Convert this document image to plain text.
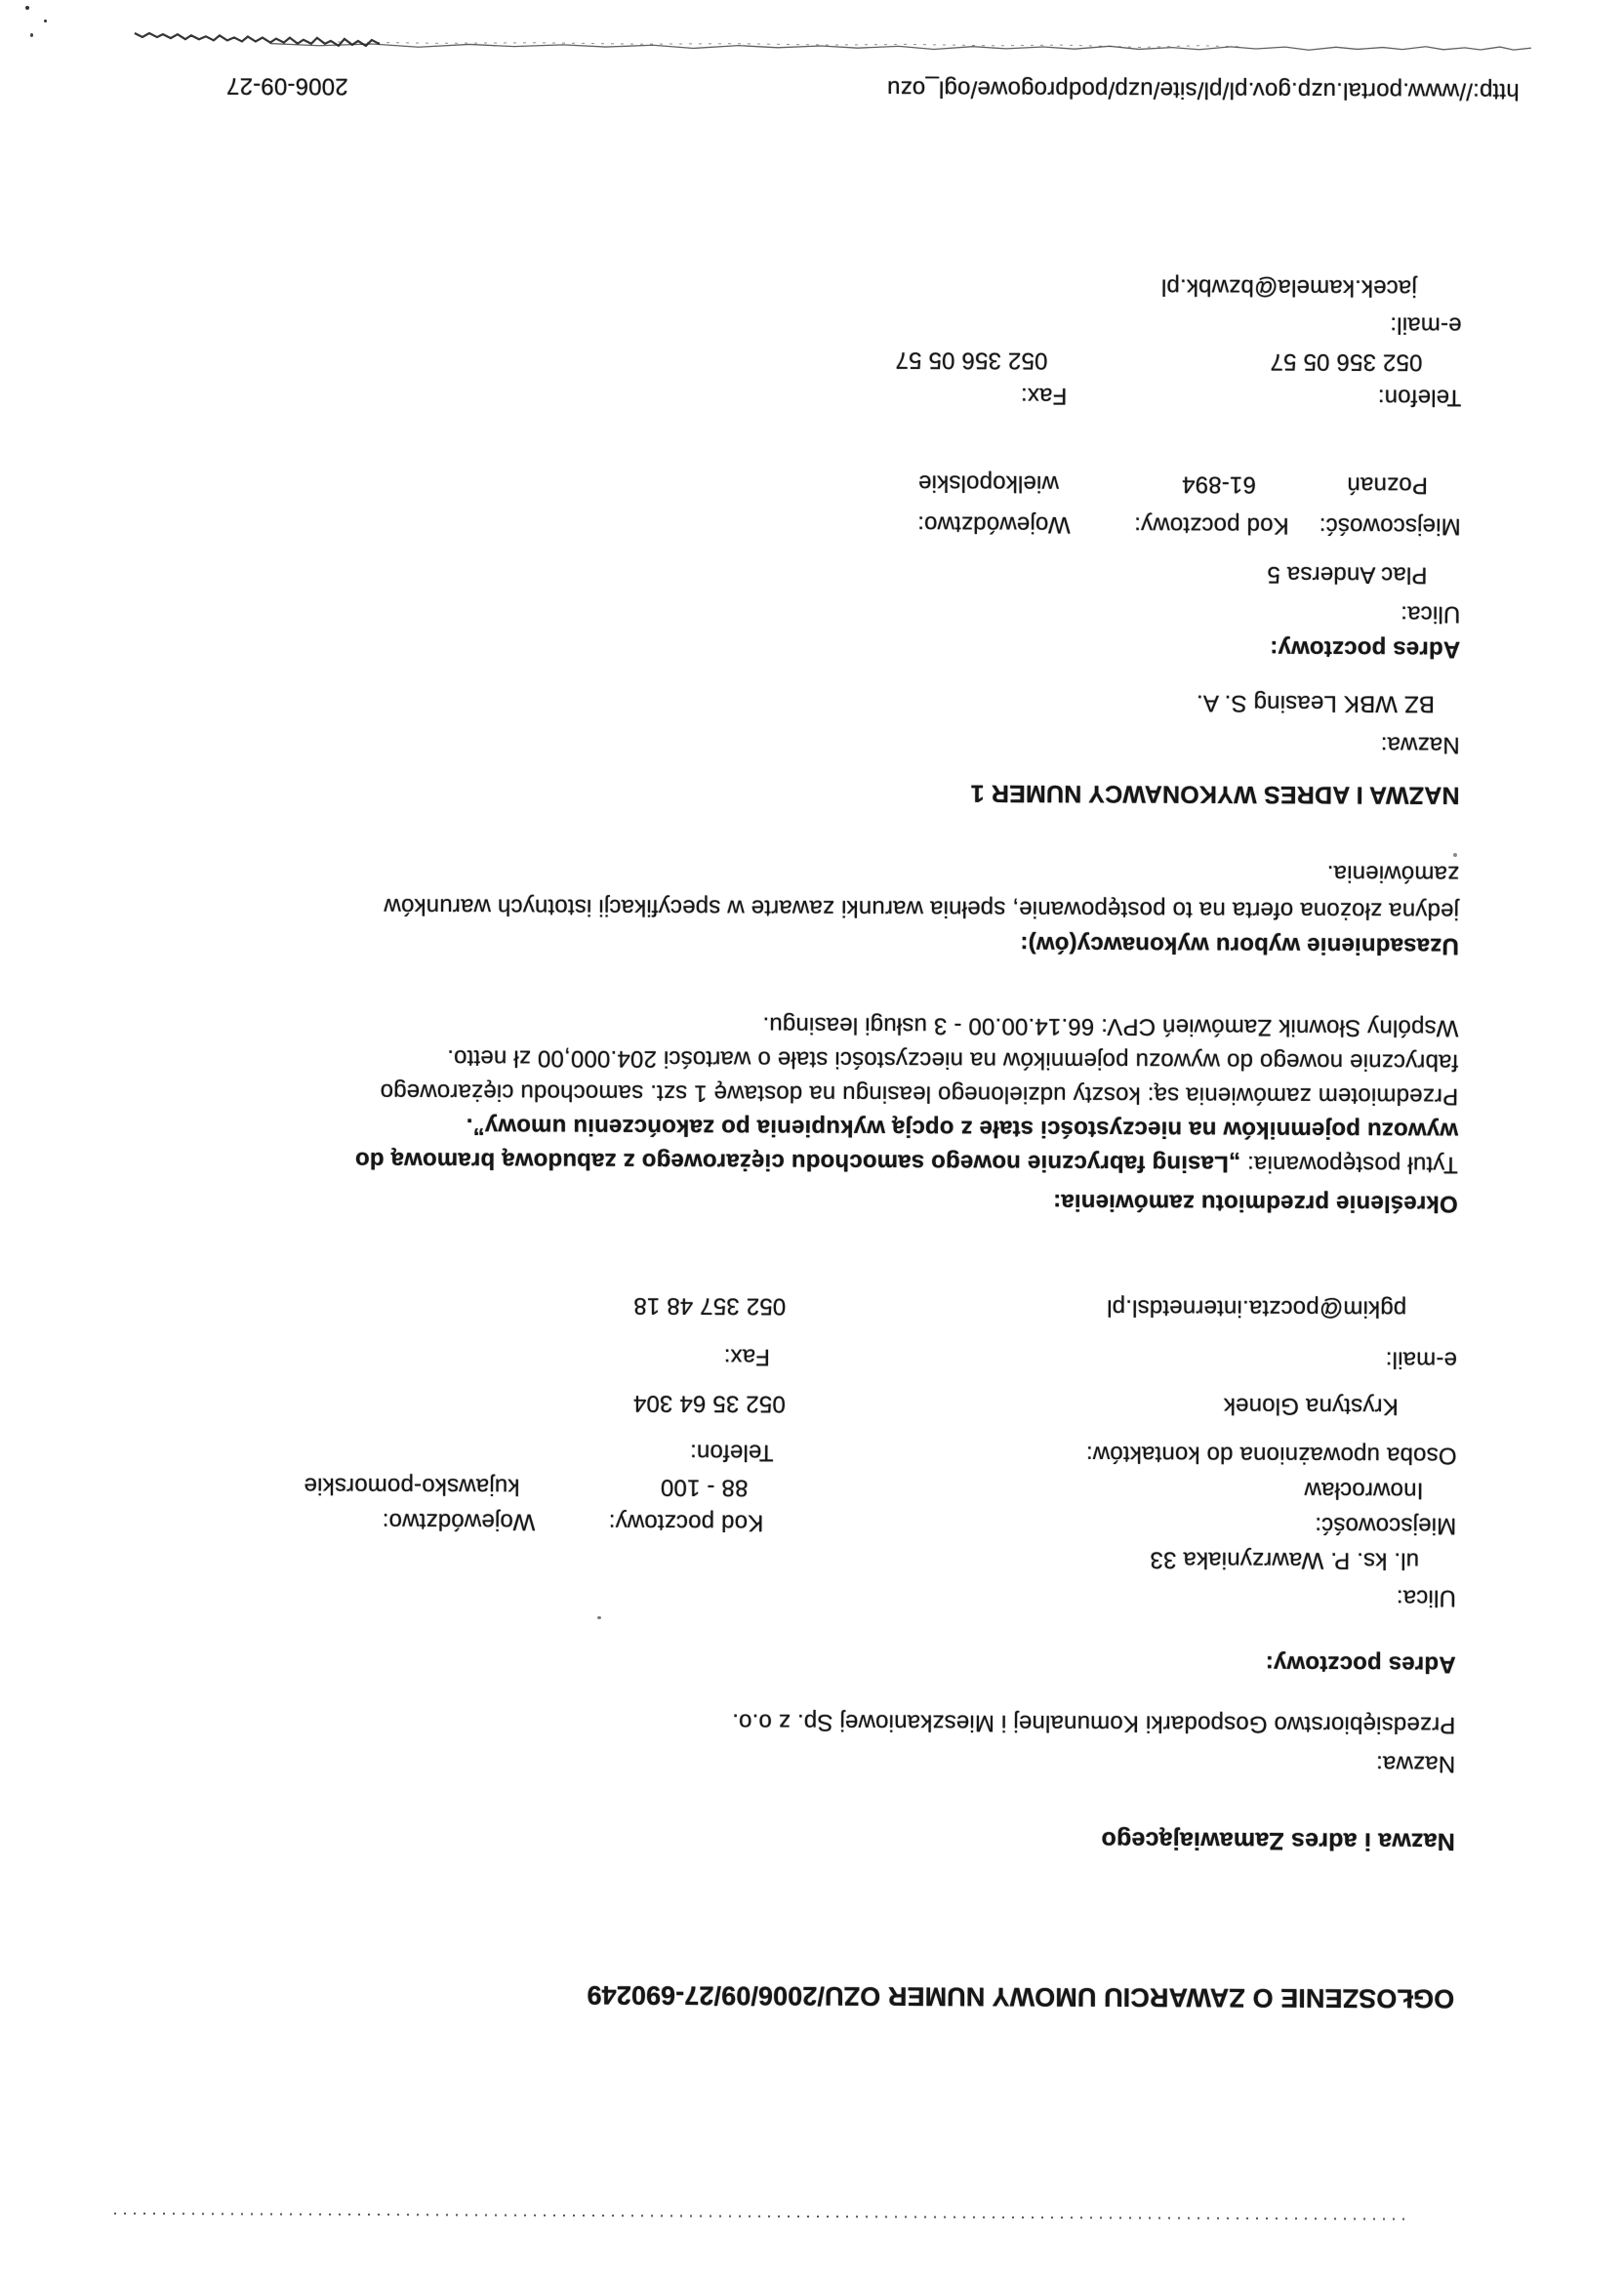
OGŁOSZENIE O ZAWARCIU UMOWY NUMER OZU/2006/09/27-690249
Nazwa i adres Zamawiającego
Nazwa:
Przedsiębiorstwo Gospodarki Komunalnej i Mieszkaniowej Sp. z o.o.
Adres pocztowy:
Ulica:
ul. ks. P. Wawrzyniaka 33
Miejscowość:
Kod pocztowy:
Województwo:
Inowrocław
88 - 100
kujawsko-pomorskie
Osoba upoważniona do kontaktów:
Telefon:
Krystyna Glonek
052 35 64 304
e-mail:
Fax:
pgkim@poczta.internetdsl.pl
052 357 48 18
Określenie przedmiotu zamówienia:
Tytuł postępowania: „Lasing fabrycznie nowego samochodu ciężarowego z zabudową bramową do
wywozu pojemników na nieczystości stałe z opcją wykupienia po zakończeniu umowy”.
Przedmiotem zamówienia są: koszty udzielonego leasingu na dostawę 1 szt. samochodu ciężarowego
fabrycznie nowego do wywozu pojemników na nieczystości stałe o wartości 204.000,00 zł netto.
Wspólny Słownik Zamówień CPV: 66.14.00.00 - 3 usługi leasingu.
Uzasadnienie wyboru wykonawcy(ów):
jedyna złożona oferta na to postępowanie, spełnia warunki zawarte w specyfikacji istotnych warunków
zamówienia.
NAZWA I ADRES WYKONAWCY NUMER 1
Nazwa:
BZ WBK Leasing S. A.
Adres pocztowy:
Ulica:
Plac Andersa 5
Miejscowość:
Kod pocztowy:
Województwo:
Poznań
61-894
wielkopolskie
Telefon:
Fax:
052 356 05 57
052 356 05 57
e-mail:
jacek.kamela@bzwbk.pl
http://www.portal.uzp.gov.pl/pl/site/uzp/podprogowe/ogl_ozu
2006-09-27
